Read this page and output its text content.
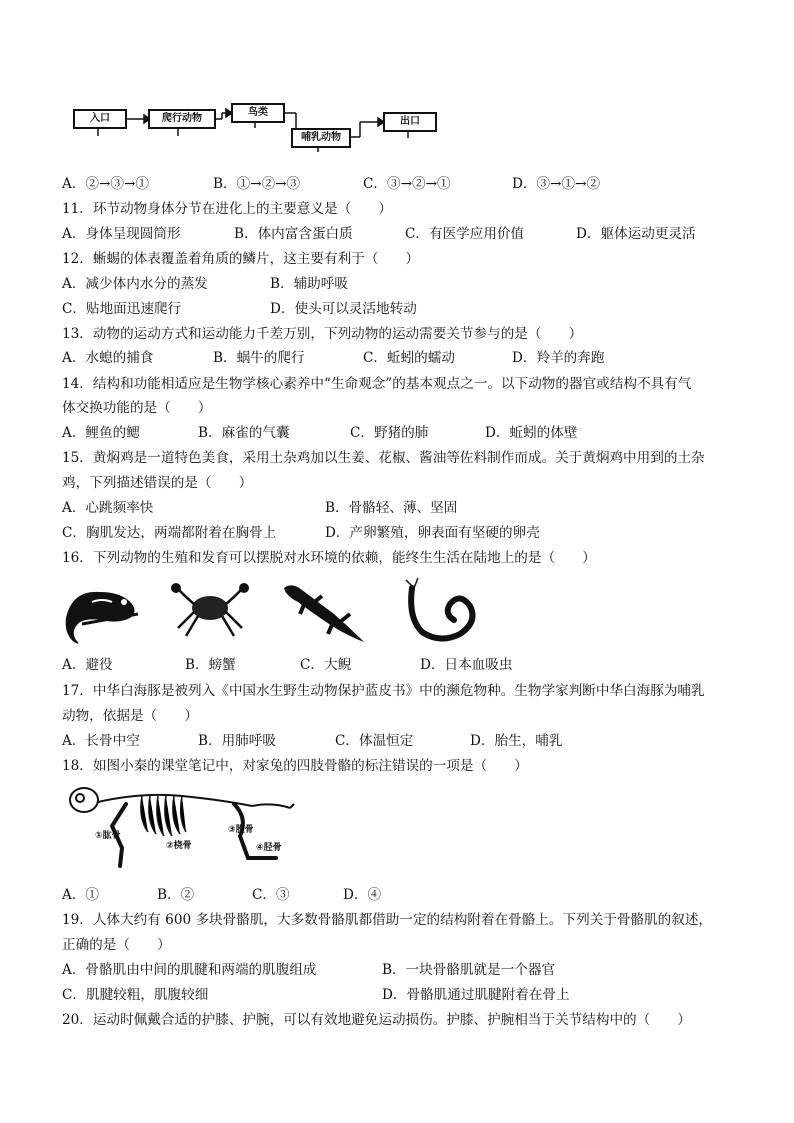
入口	爬行动物
鸟类
哺乳动物
出口
A．②→③→①	B．①→②→③	C．③→②→①	D．③→①→②
11．环节动物身体分节在进化上的主要意义是（　　）
A．身体呈现圆筒形	B．体内富含蛋白质	C．有医学应用价值	D．躯体运动更灵活
12．蜥蜴的体表覆盖着角质的鳞片，这主要有利于（　　）
A．减少体内水分的蒸发	B．辅助呼吸
C．贴地面迅速爬行	D．使头可以灵活地转动
13．动物的运动方式和运动能力千差万别，下列动物的运动需要关节参与的是（　　）
A．水螅的捕食	B．蜗牛的爬行	C．蚯蚓的蠕动	D．羚羊的奔跑
14．结构和功能相适应是生物学核心素养中“生命观念”的基本观点之一。以下动物的器官或结构不具有气
体交换功能的是（　　）
A．鲤鱼的鳃	B．麻雀的气囊	C．野猪的肺	D．蚯蚓的体壁
15．黄焖鸡是一道特色美食，采用土杂鸡加以生姜、花椒、酱油等佐料制作而成。关于黄焖鸡中用到的土杂
鸡，下列描述错误的是（　　）
A．心跳频率快	B．骨骼轻、薄、坚固
C．胸肌发达，两端都附着在胸骨上	D．产卵繁殖，卵表面有坚硬的卵壳
16．下列动物的生殖和发育可以摆脱对水环境的依赖，能终生生活在陆地上的是（　　）
A．避役	B．螃蟹	C．大鲵	D．日本血吸虫
17．中华白海豚是被列入《中国水生野生动物保护蓝皮书》中的濒危物种。生物学家判断中华白海豚为哺乳
动物，依据是（　　）
A．长骨中空	B．用肺呼吸	C．体温恒定	D．胎生，哺乳
18．如图小秦的课堂笔记中，对家兔的四肢骨骼的标注错误的一项是（　　）
①肱骨
②桡骨
③股骨
④胫骨
A．①	B．②	C．③	D．④
19．人体大约有 600 多块骨骼肌，大多数骨骼肌都借助一定的结构附着在骨骼上。下列关于骨骼肌的叙述，
正确的是（　　）
A．骨骼肌由中间的肌腱和两端的肌腹组成	B．一块骨骼肌就是一个器官
C．肌腱较粗，肌腹较细	D．骨骼肌通过肌腱附着在骨上
20．运动时佩戴合适的护膝、护腕，可以有效地避免运动损伤。护膝、护腕相当于关节结构中的（　　）
